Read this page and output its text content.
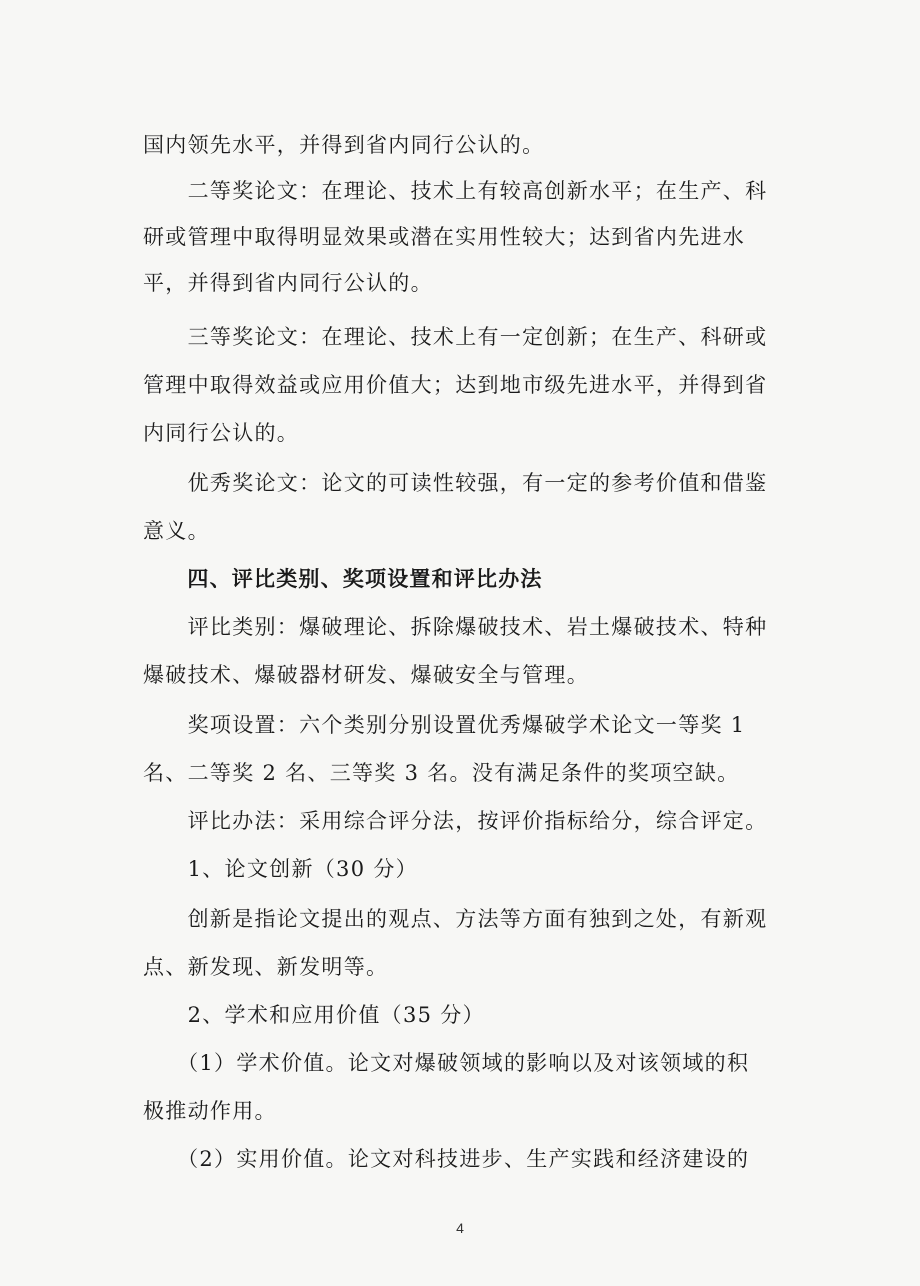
国内领先水平，并得到省内同行公认的。

　　二等奖论文：在理论、技术上有较高创新水平；在生产、科

研或管理中取得明显效果或潜在实用性较大；达到省内先进水

平，并得到省内同行公认的。

　　三等奖论文：在理论、技术上有一定创新；在生产、科研或

管理中取得效益或应用价值大；达到地市级先进水平，并得到省

内同行公认的。

　　优秀奖论文：论文的可读性较强，有一定的参考价值和借鉴

意义。

　　四、评比类别、奖项设置和评比办法

　　评比类别：爆破理论、拆除爆破技术、岩土爆破技术、特种

爆破技术、爆破器材研发、爆破安全与管理。

　　奖项设置：六个类别分别设置优秀爆破学术论文一等奖 1

名、二等奖 2 名、三等奖 3 名。没有满足条件的奖项空缺。

　　评比办法：采用综合评分法，按评价指标给分，综合评定。

　　1、论文创新（30 分）

　　创新是指论文提出的观点、方法等方面有独到之处，有新观

点、新发现、新发明等。

　　2、学术和应用价值（35 分）

　　（1）学术价值。论文对爆破领域的影响以及对该领域的积

极推动作用。

　　（2）实用价值。论文对科技进步、生产实践和经济建设的

4
